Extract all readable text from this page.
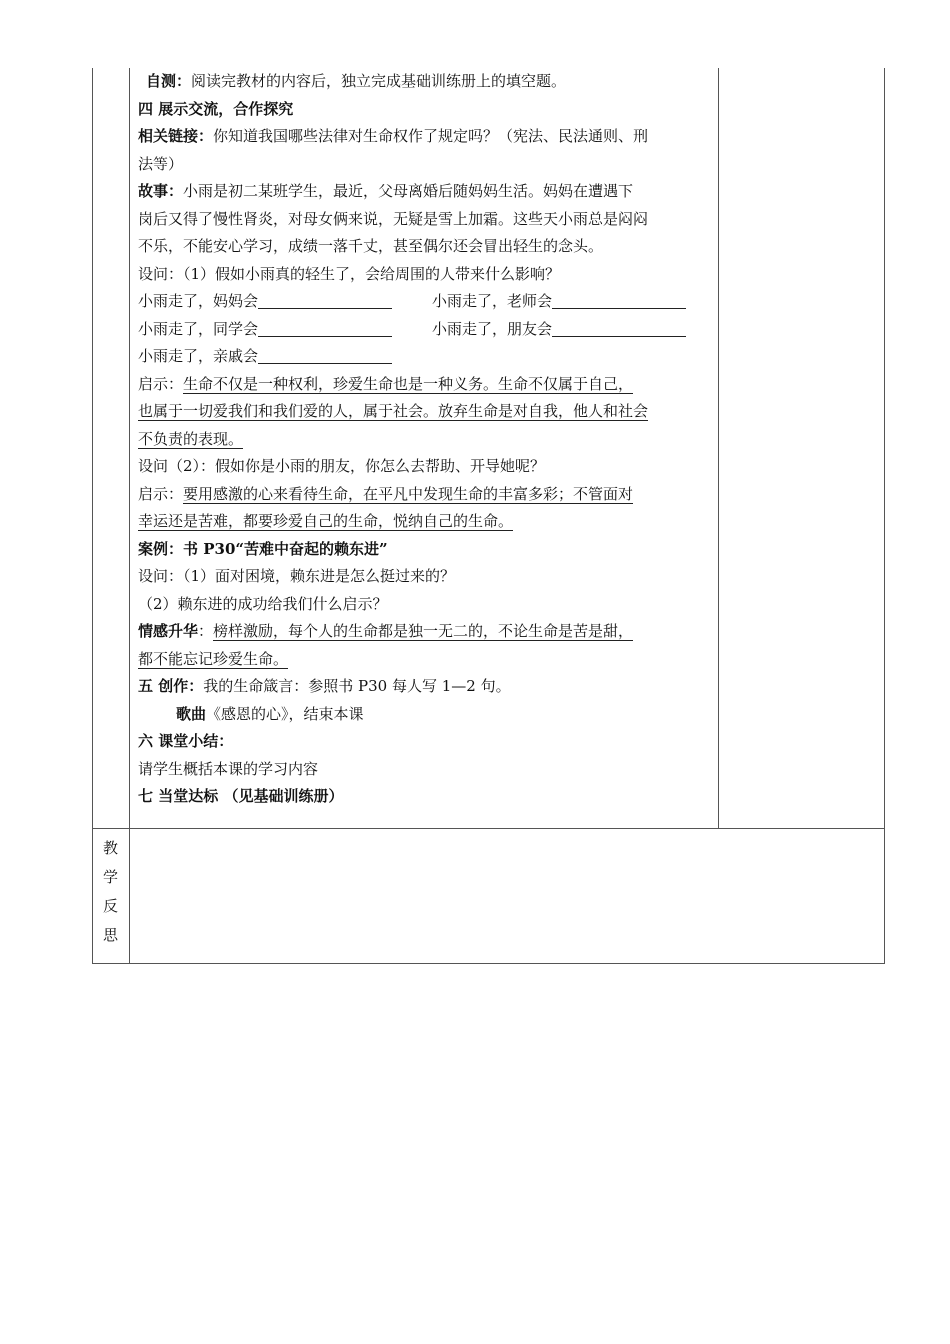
自测：阅读完教材的内容后，独立完成基础训练册上的填空题。
四 展示交流，合作探究
相关链接：你知道我国哪些法律对生命权作了规定吗？（宪法、民法通则、刑
法等）
故事：小雨是初二某班学生，最近，父母离婚后随妈妈生活。妈妈在遭遇下
岗后又得了慢性肾炎，对母女俩来说，无疑是雪上加霜。这些天小雨总是闷闷
不乐，不能安心学习，成绩一落千丈，甚至偶尔还会冒出轻生的念头。
设问：（1）假如小雨真的轻生了，会给周围的人带来什么影响？
小雨走了，妈妈会	小雨走了，老师会
小雨走了，同学会	小雨走了，朋友会
小雨走了，亲戚会
启示：生命不仅是一种权利，珍爱生命也是一种义务。生命不仅属于自己，
也属于一切爱我们和我们爱的人，属于社会。放弃生命是对自我，他人和社会
不负责的表现。
设问（2）：假如你是小雨的朋友，你怎么去帮助、开导她呢？
启示：要用感激的心来看待生命，在平凡中发现生命的丰富多彩；不管面对
幸运还是苦难，都要珍爱自己的生命，悦纳自己的生命。
案例：书 P30“苦难中奋起的赖东进”
设问：（1）面对困境，赖东进是怎么挺过来的？
（2）赖东进的成功给我们什么启示？
情感升华：榜样激励，每个人的生命都是独一无二的，不论生命是苦是甜，
都不能忘记珍爱生命。
五 创作：我的生命箴言：参照书 P30 每人写 1—2 句。
歌曲《感恩的心》，结束本课
六 课堂小结：
请学生概括本课的学习内容
七 当堂达标 （见基础训练册）
教
学
反
思
